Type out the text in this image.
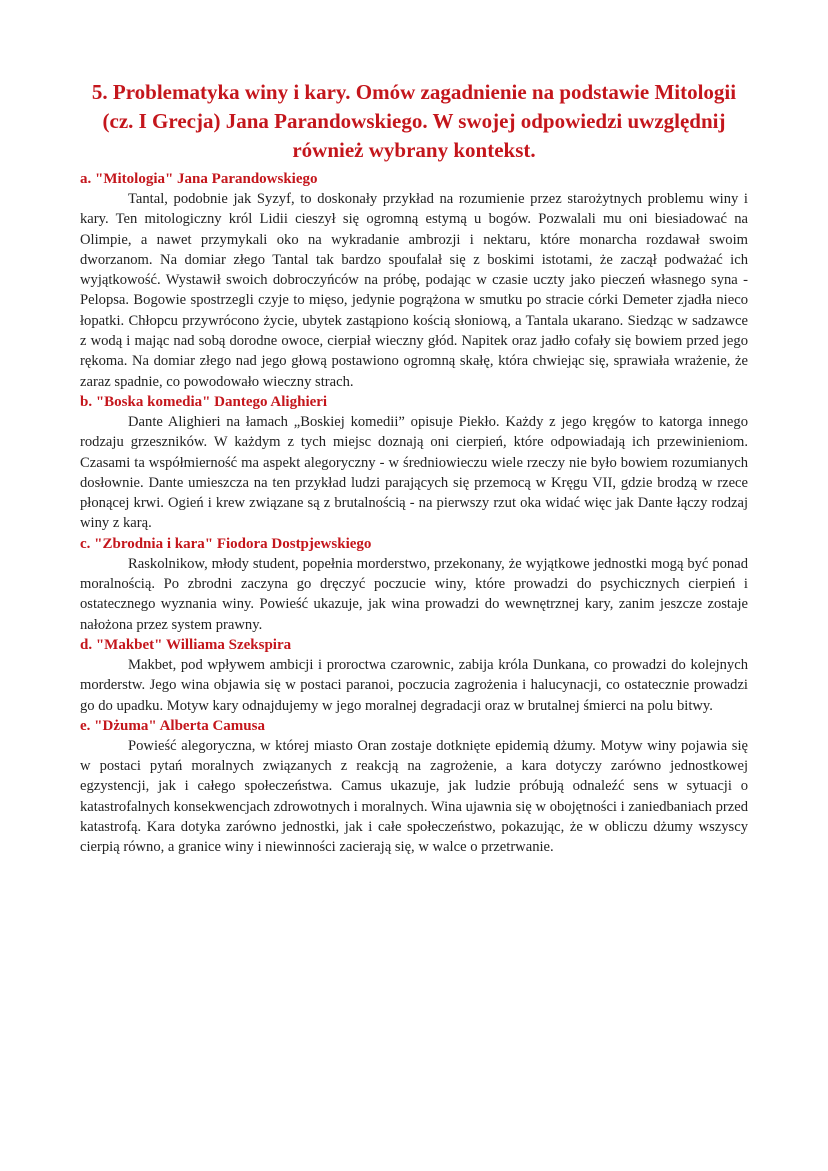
5. Problematyka winy i kary. Omów zagadnienie na podstawie Mitologii
(cz. I Grecja) Jana Parandowskiego. W swojej odpowiedzi uwzględnij
również wybrany kontekst.
a. "Mitologia" Jana Parandowskiego

Tantal, podobnie jak Syzyf, to doskonały przykład na rozumienie przez starożytnych problemu winy i kary. Ten mitologiczny król Lidii cieszył się ogromną estymą u bogów. Pozwalali mu oni biesiadować na Olimpie, a nawet przymykali oko na wykradanie ambrozji i nektaru, które monarcha rozdawał swoim dworzanom. Na domiar złego Tantal tak bardzo spoufalał się z boskimi istotami, że zaczął podważać ich wyjątkowość. Wystawił swoich dobroczyńców na próbę, podając w czasie uczty jako pieczeń własnego syna - Pelopsa. Bogowie spostrzegli czyje to mięso, jedynie pogrążona w smutku po stracie córki Demeter zjadła nieco łopatki. Chłopcu przywrócono życie, ubytek zastąpiono kością słoniową, a Tantala ukarano. Siedząc w sadzawce z wodą i mając nad sobą dorodne owoce, cierpiał wieczny głód. Napitek oraz jadło cofały się bowiem przed jego rękoma. Na domiar złego nad jego głową postawiono ogromną skałę, która chwiejąc się, sprawiała wrażenie, że zaraz spadnie, co powodowało wieczny strach.

b. "Boska komedia" Dantego Alighieri

Dante Alighieri na łamach „Boskiej komedii” opisuje Piekło. Każdy z jego kręgów to katorga innego rodzaju grzeszników. W każdym z tych miejsc doznają oni cierpień, które odpowiadają ich przewinieniom. Czasami ta współmierność ma aspekt alegoryczny - w średniowieczu wiele rzeczy nie było bowiem rozumianych dosłownie. Dante umieszcza na ten przykład ludzi parających się przemocą w Kręgu VII, gdzie brodzą w rzece płonącej krwi. Ogień i krew związane są z brutalnością - na pierwszy rzut oka widać więc jak Dante łączy rodzaj winy z karą.

c. "Zbrodnia i kara" Fiodora Dostpjewskiego

Raskolnikow, młody student, popełnia morderstwo, przekonany, że wyjątkowe jednostki mogą być ponad moralnością. Po zbrodni zaczyna go dręczyć poczucie winy, które prowadzi do psychicznych cierpień i ostatecznego wyznania winy. Powieść ukazuje, jak wina prowadzi do wewnętrznej kary, zanim jeszcze zostaje nałożona przez system prawny.

d. "Makbet" Williama Szekspira

Makbet, pod wpływem ambicji i proroctwa czarownic, zabija króla Dunkana, co prowadzi do kolejnych morderstw. Jego wina objawia się w postaci paranoi, poczucia zagrożenia i halucynacji, co ostatecznie prowadzi go do upadku. Motyw kary odnajdujemy w jego moralnej degradacji oraz w brutalnej śmierci na polu bitwy.

e. "Dżuma" Alberta Camusa

Powieść alegoryczna, w której miasto Oran zostaje dotknięte epidemią dżumy. Motyw winy pojawia się w postaci pytań moralnych związanych z reakcją na zagrożenie, a kara dotyczy zarówno jednostkowej egzystencji, jak i całego społeczeństwa. Camus ukazuje, jak ludzie próbują odnaleźć sens w sytuacji o katastrofalnych konsekwencjach zdrowotnych i moralnych. Wina ujawnia się w obojętności i zaniedbaniach przed katastrofą. Kara dotyka zarówno jednostki, jak i całe społeczeństwo, pokazując, że w obliczu dżumy wszyscy cierpią równo, a granice winy i niewinności zacierają się, w walce o przetrwanie.
